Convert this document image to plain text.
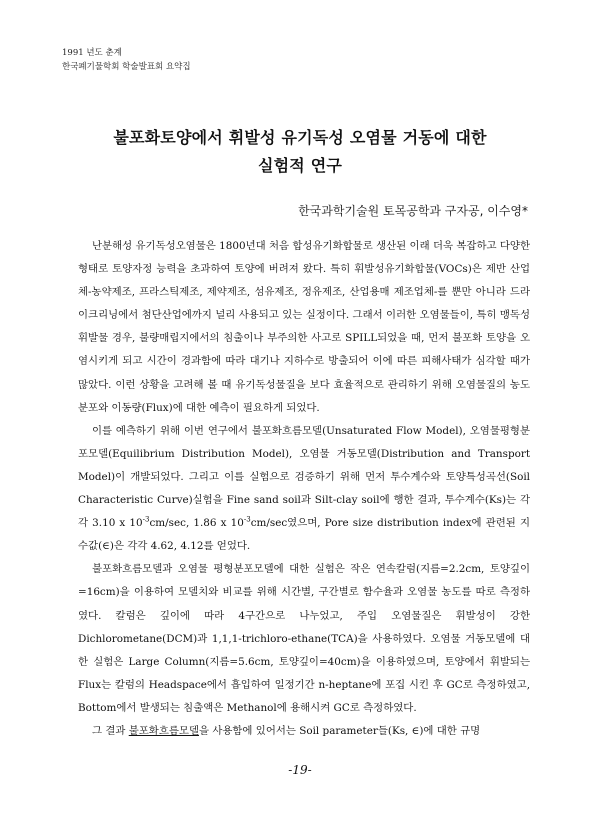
1991 년도 춘계
한국폐기물학회 학술발표회 요약집
불포화토양에서 휘발성 유기독성 오염물 거동에 대한
실험적 연구
한국과학기술원 토목공학과 구자공, 이수영*

난분해성 유기독성오염물은 1800년대 처음 합성유기화합물로 생산된 이래 더욱 복잡하고 다양한 형태로 토양자정 능력을 초과하여 토양에 버려져 왔다. 특히 휘발성유기화합물(VOCs)은 제반 산업체-농약제조, 프라스틱제조, 제약제조, 섬유제조, 정유제조, 산업용매 제조업체-를 뿐만 아니라 드라이크리닝에서 첨단산업에까지 널리 사용되고 있는 실정이다. 그래서 이러한 오염물들이, 특히 맹독성 휘발물 경우, 불량매립지에서의 침출이나 부주의한 사고로 SPILL되었을 때, 먼저 불포화 토양을 오염시키게 되고 시간이 경과함에 따라 대기나 지하수로 방출되어 이에 따른 피해사태가 심각할 때가 많았다. 이런 상황을 고려해 볼 때 유기독성물질을 보다 효율적으로 관리하기 위해 오염물질의 농도분포와 이동량(Flux)에 대한 예측이 필요하게 되었다.

이를 예측하기 위해 이번 연구에서 불포화흐름모델(Unsaturated Flow Model), 오염물평형분포모델(Equilibrium Distribution Model), 오염물 거동모델(Distribution and Transport Model)이 개발되었다. 그리고 이를 실험으로 검증하기 위해 먼저 투수계수와 토양특성곡선(Soil Characteristic Curve)실험을 Fine sand soil과 Silt-clay soil에 행한 결과, 투수계수(Ks)는 각각 3.10 x $10^{-3}cm/\sec$, 1.86 x $10^{-3}cm/\sec$였으며, Pore size distribution index에 관련된 지수값(∈)은 각각 4.62, 4.12를 얻었다.

불포화흐름모델과 오염물 평형분포모델에 대한 실험은 작은 연속칼럼(지름=2.2cm, 토양깊이=16cm)을 이용하여 모델치와 비교를 위해 시간별, 구간별로 함수율과 오염물 농도를 따로 측정하였다. 칼럼은 깊이에 따라 4구간으로 나누었고, 주입 오염물질은 휘발성이 강한 Dichlorometane(DCM)과 1,1,1-trichloro-ethane(TCA)을 사용하였다. 오염물 거동모델에 대한 실험은 Large Column(지름=5.6cm, 토양깊이=40cm)을 이용하였으며, 토양에서 휘발되는 Flux는 칼럼의 Headspace에서 흡입하여 일정기간 n-heptane에 포집 시킨 후 GC로 측정하였고, Bottom에서 발생되는 침출액은 Methanol에 용해시켜 GC로 측정하였다.

그 결과 불포화흐름모델을 사용함에 있어서는 Soil parameter들(Ks, ∈)에 대한 규명

-19-
